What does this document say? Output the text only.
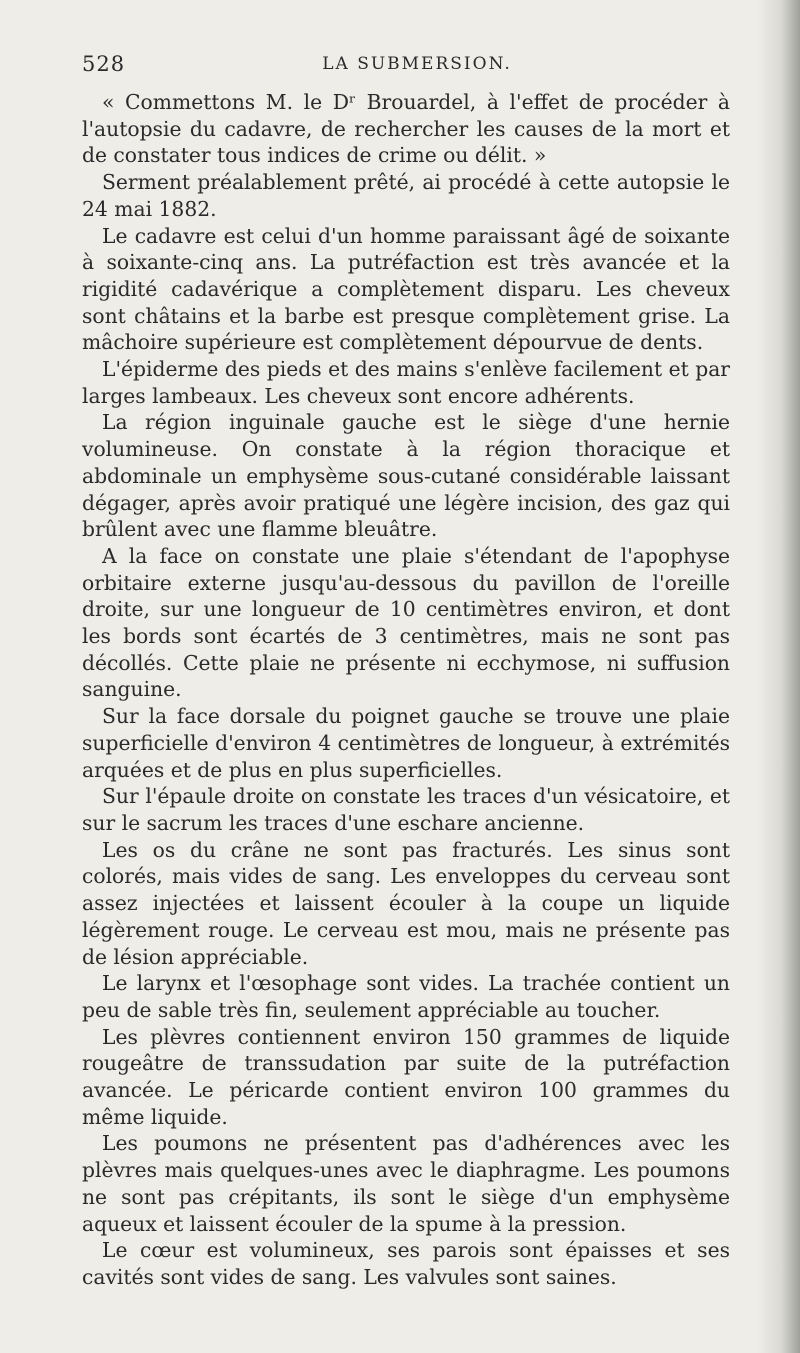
528	LA SUBMERSION.

« Commettons M. le Dʳ Brouardel, à l'effet de procéder à l'autopsie du cadavre, de rechercher les causes de la mort et de constater tous indices de crime ou délit. »

Serment préalablement prêté, ai procédé à cette autopsie le 24 mai 1882.

Le cadavre est celui d'un homme paraissant âgé de soixante à soixante-cinq ans. La putréfaction est très avancée et la rigidité cadavérique a complètement disparu. Les cheveux sont châtains et la barbe est presque complètement grise. La mâchoire supérieure est complètement dépourvue de dents.

L'épiderme des pieds et des mains s'enlève facilement et par larges lambeaux. Les cheveux sont encore adhérents.

La région inguinale gauche est le siège d'une hernie volumineuse. On constate à la région thoracique et abdominale un emphysème sous-cutané considérable laissant dégager, après avoir pratiqué une légère incision, des gaz qui brûlent avec une flamme bleuâtre.

A la face on constate une plaie s'étendant de l'apophyse orbitaire externe jusqu'au-dessous du pavillon de l'oreille droite, sur une longueur de 10 centimètres environ, et dont les bords sont écartés de 3 centimètres, mais ne sont pas décollés. Cette plaie ne présente ni ecchymose, ni suffusion sanguine.

Sur la face dorsale du poignet gauche se trouve une plaie superficielle d'environ 4 centimètres de longueur, à extrémités arquées et de plus en plus superficielles.

Sur l'épaule droite on constate les traces d'un vésicatoire, et sur le sacrum les traces d'une eschare ancienne.

Les os du crâne ne sont pas fracturés. Les sinus sont colorés, mais vides de sang. Les enveloppes du cerveau sont assez injectées et laissent écouler à la coupe un liquide légèrement rouge. Le cerveau est mou, mais ne présente pas de lésion appréciable.

Le larynx et l'œsophage sont vides. La trachée contient un peu de sable très fin, seulement appréciable au toucher.

Les plèvres contiennent environ 150 grammes de liquide rougeâtre de transsudation par suite de la putréfaction avancée. Le péricarde contient environ 100 grammes du même liquide.

Les poumons ne présentent pas d'adhérences avec les plèvres mais quelques-unes avec le diaphragme. Les poumons ne sont pas crépitants, ils sont le siège d'un emphysème aqueux et laissent écouler de la spume à la pression.

Le cœur est volumineux, ses parois sont épaisses et ses cavités sont vides de sang. Les valvules sont saines.
